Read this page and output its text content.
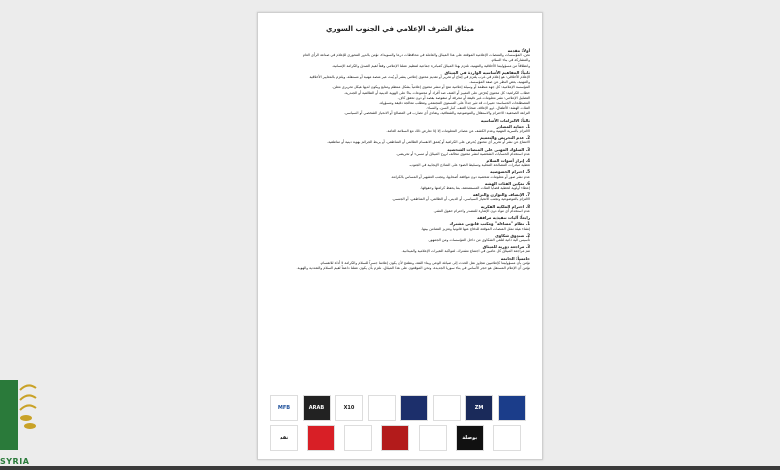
SYRIA
ميثاق الشرف الإعلامي في الجنوب السوري
أولاً: مقدمة
نحن، المؤسسات والمنصات الإعلامية الموقعة على هذا الميثاق والعاملة في محافظات درعا والسويداء، نؤمن بالدور المحوري للإعلام في صناعة الرأي العام
والمشاركة في بناء السلام.
وانطلاقاً من مسؤوليتنا الأخلاقية والمهنية، نلتزم بهذا الميثاق كمبادرة جماعية لتنظيم عملنا الإعلامي وفقاً لقيم الصدق والكرامة الإنسانية.
ثانياً: المفاهيم الأساسية الواردة في الميثاق
الإعلام الأخلاقي: هو إعلام في غرب يلتزم في إنتاج أو تحرير أو تقديم محتوى إعلامي ينشر أو يُبث عبر منصة مهنية أو مستقلة، ويلتزم بالمعايير الأخلاقية
والمهنية، بغض النظر عن صفة المؤسسة.
المؤسسة الإعلامية: كل جهة منظمة أو وسيلة إعلامية تنتج أو تنشر محتوى إعلامياً بشكل منتظم ومتابع ويكون لديها هيكل تحريري معلن.
خطاب الكراهية: كل محتوى يُحرّض على التمييز أو العنف ضد أفراد أو مجموعات بناءً على الهوية الدينية أو الطائفية أو الجندرية.
التضليل الإعلامي: نشر معلومات غير دقيقة أو محرفة أو منقوصة بقصد أو دون تحقق كاف.
المصطلحات الحساسة: تعبيرات قد تثير جدلاً على المستوى المجتمعي وتتطلب معالجة دقيقة ومسؤولة.
الفئات الهشة: الأطفال، ذوو الإعاقة، ضحايا العنف، كبار السن، والنساء.
النزاهة الصحفية: الاحترام والاستقلال والموضوعية والشفافية، وتفادي أي تضارب في المصالح أو الانحياز الشخصي أو السياسي.
ثالثاً: الالتزامات الأساسية
1. حماية المصادر
الالتزام بالسرية المهنية وعدم الكشف عن مصادر المعلومات إلا إذا تعارض ذلك مع السلامة العامة.
2. عدم التحريض والتعميم
الامتناع عن نشر أو تحرير أي محتوى يُحرض على الكراهية أو يُعمق الانقسام الطائفي أو المناطقي، أو يربط الجرائم بهوية دينية أو مناطقية.
3. السلوك المهني على المنصات الشخصية
عدم استخدام الحسابات الشخصية لنشر محتوى مخالف لروح الميثاق أو مسيء أو تحريضي.
4. إبراز أصوات السلام
تغطية مبادرات المصالحة المحلية وتسليط الضوء على النماذج الإيجابية في الجنوب.
5. احترام الخصوصية
عدم نشر صور أو معلومات شخصية دون موافقة أصحابها، وتجنب التشهير أو المساس بالكرامة.
6. تمكين الفئات الهشة
إعطاء أولوية لتغطية قضايا الفئات المستضعفة، بما يحفظ كرامتها وحقوقها.
7. الإنصاف والتوازن والنزاهة
الالتزام بالموضوعية وتجنب الانحياز السياسي، أو الديني، أو الطائفي، أو المناطقي، أو الجنسي.
8. احترام الملكية الفكرية
عدم استخدام أي مواد دون الإشارة للمصدر واحترام حقوق النشر.
رابعاً: آليات تنفيذية مرافقة
1. نظام "مساءلة" ومكتب قانوني مشترك
إنشاء هيئة تمثل المنصات الموقعة للدفاع عنها قانونياً وتعزيز التضامن بينها.
2. صندوق شكاوى
تأسيس آلية ذاتية لتلقي الشكاوى من داخل المؤسسات ومن الجمهور.
3. مراجعة دورية للميثاق
تتم مراجعة الميثاق كل عامين في اجتماع مشترك، لمواكبة التغيرات الإعلامية والميدانية.
خامساً: الخاتمة
نؤمن بأن مسؤوليتنا كإعلاميين تتجاوز نقل الحدث إلى صياغة الوعي وبناء الثقة، ونطمح لأن يكون إعلامنا جسراً للسلام والكرامة لا أداة للانقسام.
نؤمن أن الإعلام المستقل هو حجر الأساس في بناء سوريا الجديدة، ونحن الموقعون على هذا الميثاق، نلتزم بأن يكون عملنا داعماً لقيم السلام والتعددية والهوية.
MFB	ARAB	X10	ZM
نقد	بوصلة
